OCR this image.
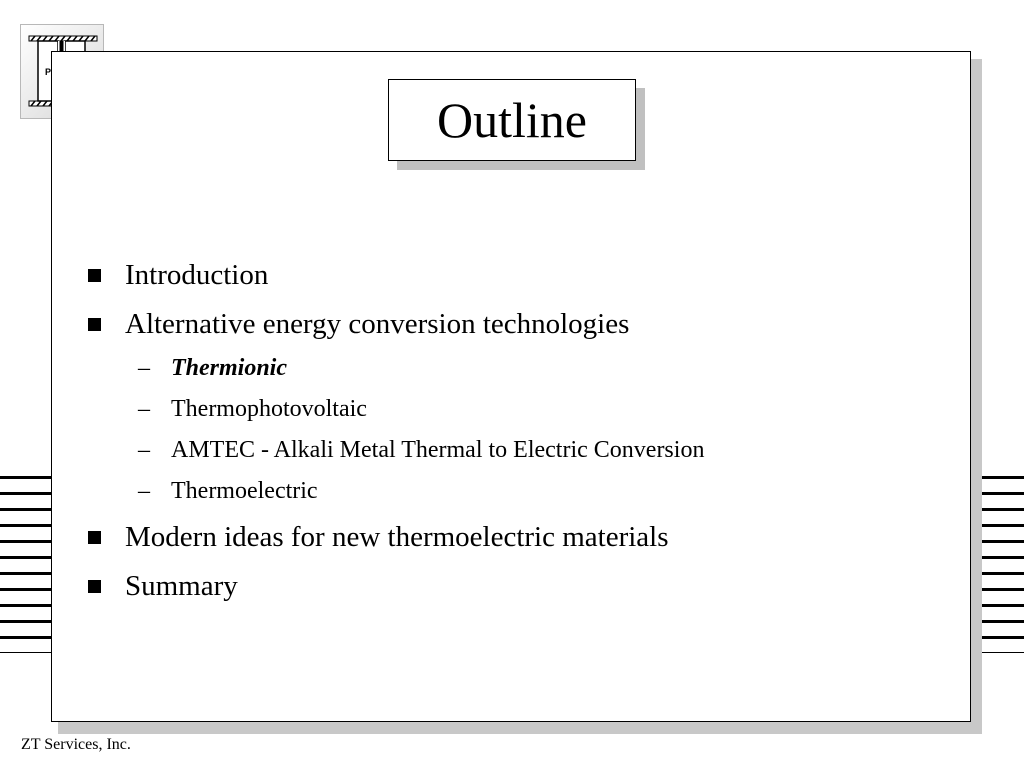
P
Outline
Introduction
Alternative energy conversion technologies
– Thermionic
– Thermophotovoltaic
– AMTEC - Alkali Metal Thermal to Electric Conversion
– Thermoelectric
Modern ideas for new thermoelectric materials
Summary
ZT Services, Inc.
